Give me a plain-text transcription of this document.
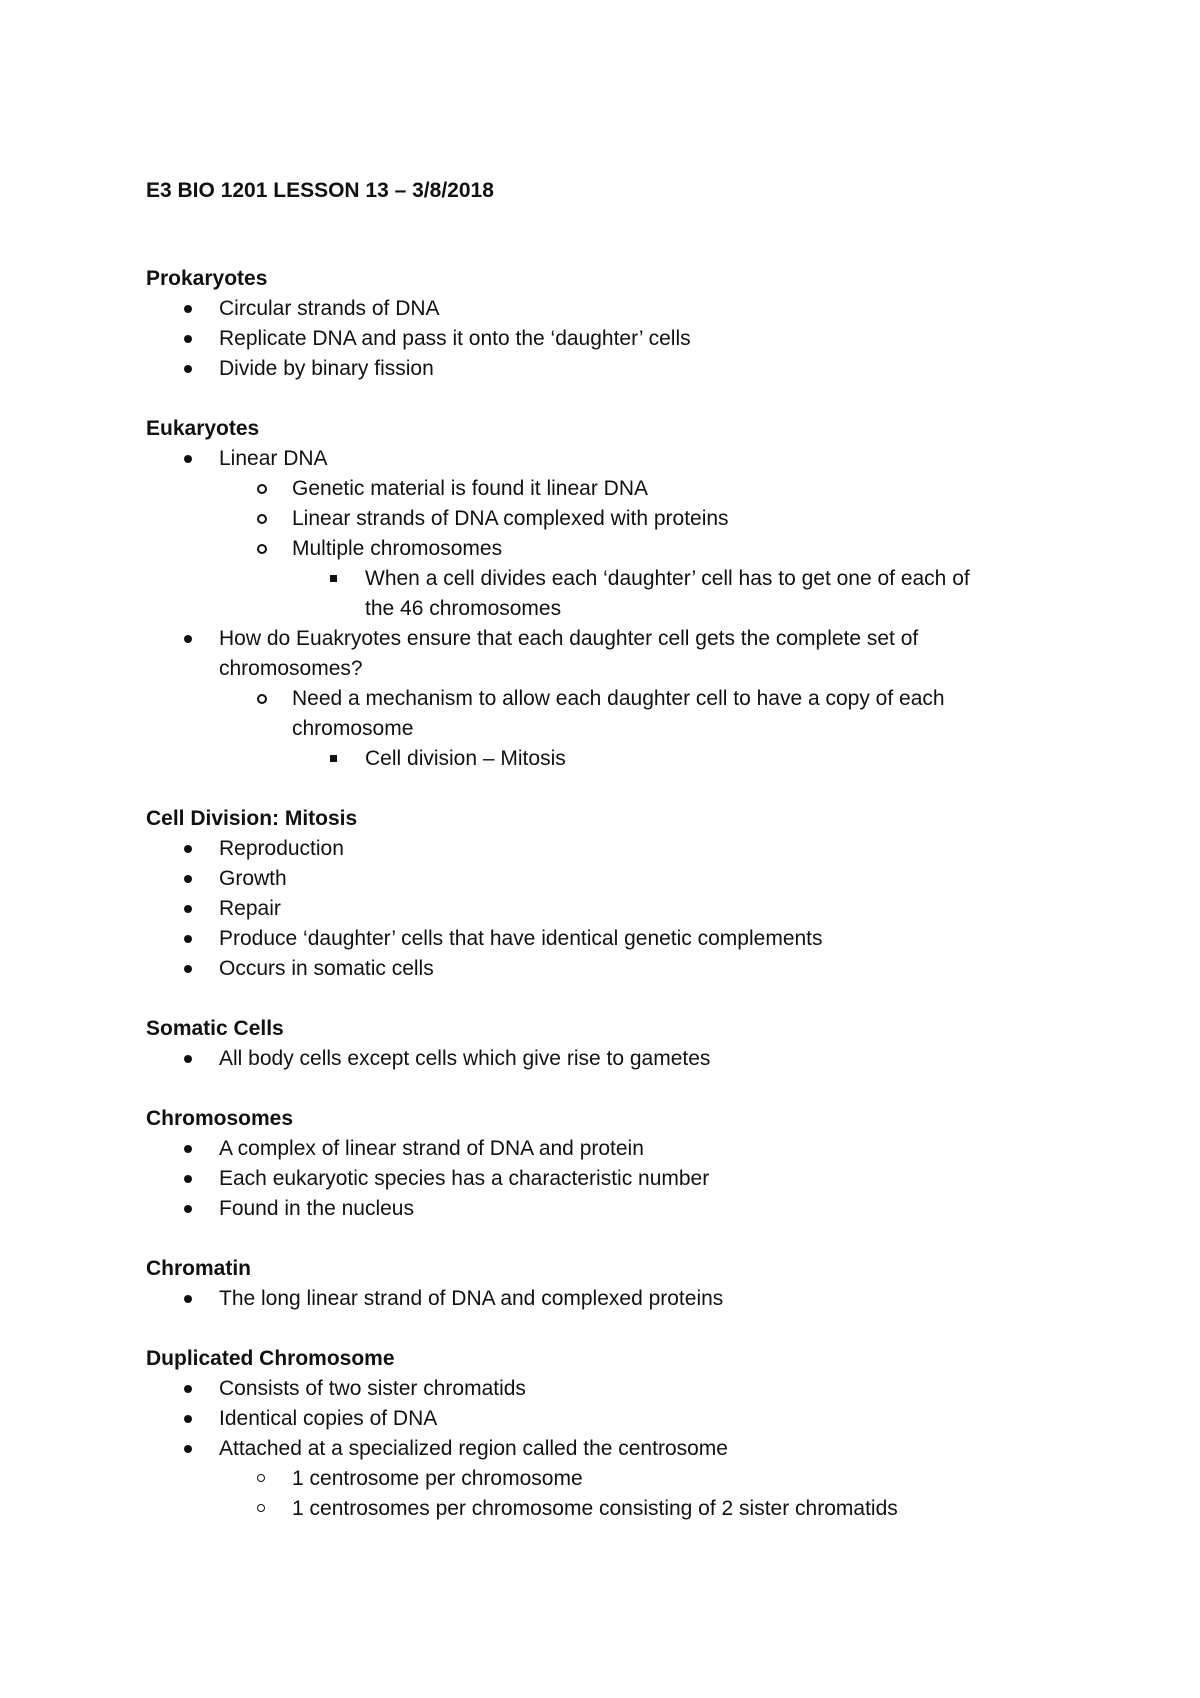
E3 BIO 1201 LESSON 13 – 3/8/2018
Prokaryotes
Circular strands of DNA
Replicate DNA and pass it onto the ‘daughter’ cells
Divide by binary fission
Eukaryotes
Linear DNA
Genetic material is found it linear DNA
Linear strands of DNA complexed with proteins
Multiple chromosomes
When a cell divides each ‘daughter’ cell has to get one of each of the 46 chromosomes
How do Euakryotes ensure that each daughter cell gets the complete set of chromosomes?
Need a mechanism to allow each daughter cell to have a copy of each chromosome
Cell division – Mitosis
Cell Division: Mitosis
Reproduction
Growth
Repair
Produce ‘daughter’ cells that have identical genetic complements
Occurs in somatic cells
Somatic Cells
All body cells except cells which give rise to gametes
Chromosomes
A complex of linear strand of DNA and protein
Each eukaryotic species has a characteristic number
Found in the nucleus
Chromatin
The long linear strand of DNA and complexed proteins
Duplicated Chromosome
Consists of two sister chromatids
Identical copies of DNA
Attached at a specialized region called the centrosome
1 centrosome per chromosome
1 centrosomes per chromosome consisting of 2 sister chromatids
